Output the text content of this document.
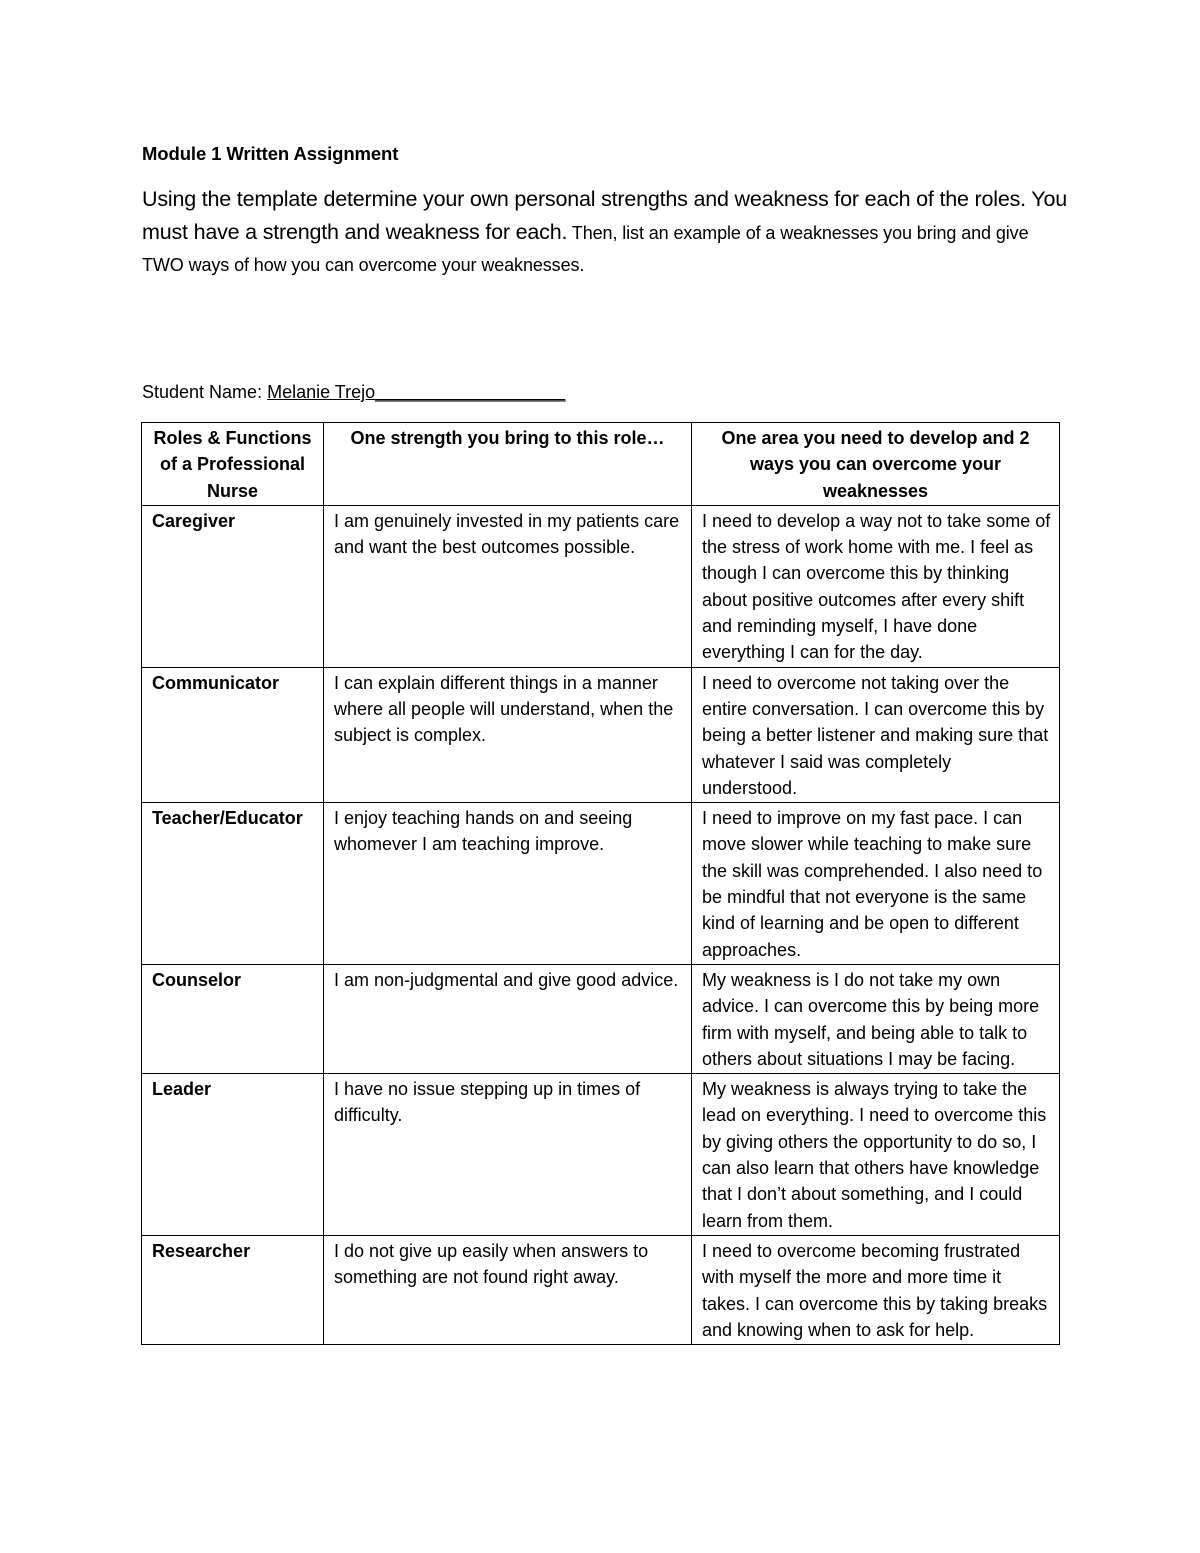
Module 1 Written Assignment
Using the template determine your own personal strengths and weakness for each of the roles. You must have a strength and weakness for each. Then, list an example of a weaknesses you bring and give TWO ways of how you can overcome your weaknesses.
Student Name: Melanie Trejo___________________
Roles & Functions of a Professional Nurse	One strength you bring to this role…	One area you need to develop and 2 ways you can overcome your weaknesses
Caregiver	I am genuinely invested in my patients care and want the best outcomes possible.	I need to develop a way not to take some of the stress of work home with me. I feel as though I can overcome this by thinking about positive outcomes after every shift and reminding myself, I have done everything I can for the day.
Communicator	I can explain different things in a manner where all people will understand, when the subject is complex.	I need to overcome not taking over the entire conversation. I can overcome this by being a better listener and making sure that whatever I said was completely understood.
Teacher/Educator	I enjoy teaching hands on and seeing whomever I am teaching improve.	I need to improve on my fast pace. I can move slower while teaching to make sure the skill was comprehended. I also need to be mindful that not everyone is the same kind of learning and be open to different approaches.
Counselor	I am non-judgmental and give good advice.	My weakness is I do not take my own advice. I can overcome this by being more firm with myself, and being able to talk to others about situations I may be facing.
Leader	I have no issue stepping up in times of difficulty.	My weakness is always trying to take the lead on everything. I need to overcome this by giving others the opportunity to do so, I can also learn that others have knowledge that I don’t about something, and I could learn from them.
Researcher	I do not give up easily when answers to something are not found right away.	I need to overcome becoming frustrated with myself the more and more time it takes. I can overcome this by taking breaks and knowing when to ask for help.
